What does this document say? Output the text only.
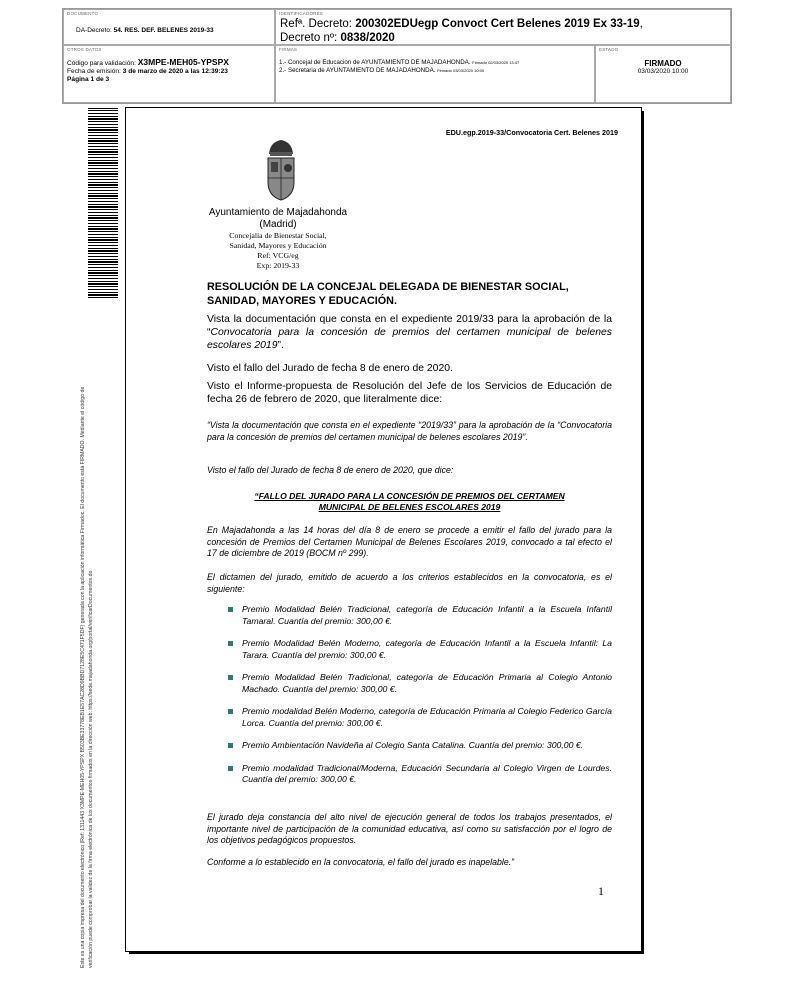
DOCUMENTO
DA-Decreto: 54. RES. DEF. BELENES 2019-33
IDENTIFICADORES
Refª. Decreto: 200302EDUegp Convoct Cert Belenes 2019 Ex 33-19,
Decreto nº: 0838/2020
OTROS DATOS
Código para validación: X3MPE-MEH05-YPSPX
Fecha de emisión: 3 de marzo de 2020 a las 12:39:23
Página 1 de 3
FIRMAS
1.- Concejal de Educacion de AYUNTAMIENTO DE MAJADAHONDA. Firmado 02/03/2020 13:47
2.- Secretaria de AYUNTAMIENTO DE MAJADAHONDA. Firmado 03/03/2020 10:00
ESTADO
FIRMADO
03/03/2020 10:00
Este es una copia impresa del documento electrónico (Ref: 1311443 X3MPE-MEH05-YPSPX B503BE33778EB1E57AC28D9BBD7128E5C471F5DF) generada con la aplicación informática Firmadoc. El documento está FIRMADO. Mediante el código de verificación puede comprobar la validez de la firma electrónica de los documentos firmados en la dirección web: https://sede.majadahonda.org/portal/verificarDocumentos.do
EDU.egp.2019-33/Convocatoria Cert. Belenes 2019
Ayuntamiento de Majadahonda
(Madrid)
Concejalía de Bienestar Social,
Sanidad, Mayores y Educación
Ref: VCG/eg
Exp: 2019-33
RESOLUCIÓN DE LA CONCEJAL DELEGADA DE BIENESTAR SOCIAL,
SANIDAD, MAYORES Y EDUCACIÓN.
Vista la documentación que consta en el expediente 2019/33 para la aprobación de la “Convocatoria para la concesión de premios del certamen municipal de belenes escolares 2019”.
Visto el fallo del Jurado de fecha 8 de enero de 2020.
Visto el Informe-propuesta de Resolución del Jefe de los Servicios de Educación de fecha 26 de febrero de 2020, que literalmente dice:
“Vista la documentación que consta en el expediente “2019/33” para la aprobación de la “Convocatoria para la concesión de premios del certamen municipal de belenes escolares 2019”.
Visto el fallo del Jurado de fecha 8 de enero de 2020, que dice:
“FALLO DEL JURADO PARA LA CONCESIÓN DE PREMIOS DEL CERTAMEN
MUNICIPAL DE BELENES ESCOLARES 2019
En Majadahonda a las 14 horas del día 8 de enero se procede a emitir el fallo del jurado para la concesión de Premios del Certamen Municipal de Belenes Escolares 2019, convocado a tal efecto el 17 de diciembre de 2019 (BOCM nº 299).
El dictamen del jurado, emitido de acuerdo a los criterios establecidos en la convocatoria, es el siguiente:
Premio Modalidad Belén Tradicional, categoría de Educación Infantil a la Escuela Infantil Tamaral. Cuantía del premio: 300,00 €.
Premio Modalidad Belén Moderno, categoría de Educación Infantil a la Escuela Infantil: La Tarara. Cuantía del premio: 300,00 €.
Premio Modalidad Belén Tradicional, categoría de Educación Primaria al Colegio Antonio Machado. Cuantía del premio: 300,00 €.
Premio modalidad Belén Moderno, categoría de Educación Primaria al Colegio Federico García Lorca. Cuantía del premio: 300,00 €.
Premio Ambientación Navideña al Colegio Santa Catalina. Cuantía del premio: 300,00 €.
Premio modalidad Tradicional/Moderna, Educación Secundaria al Colegio Virgen de Lourdes. Cuantía del premio: 300,00 €.
El jurado deja constancia del alto nivel de ejecución general de todos los trabajos presentados, el importante nivel de participación de la comunidad educativa, así como su satisfacción por el logro de los objetivos pedagógicos propuestos.
Conforme a lo establecido en la convocatoria, el fallo del jurado es inapelable.”
1
